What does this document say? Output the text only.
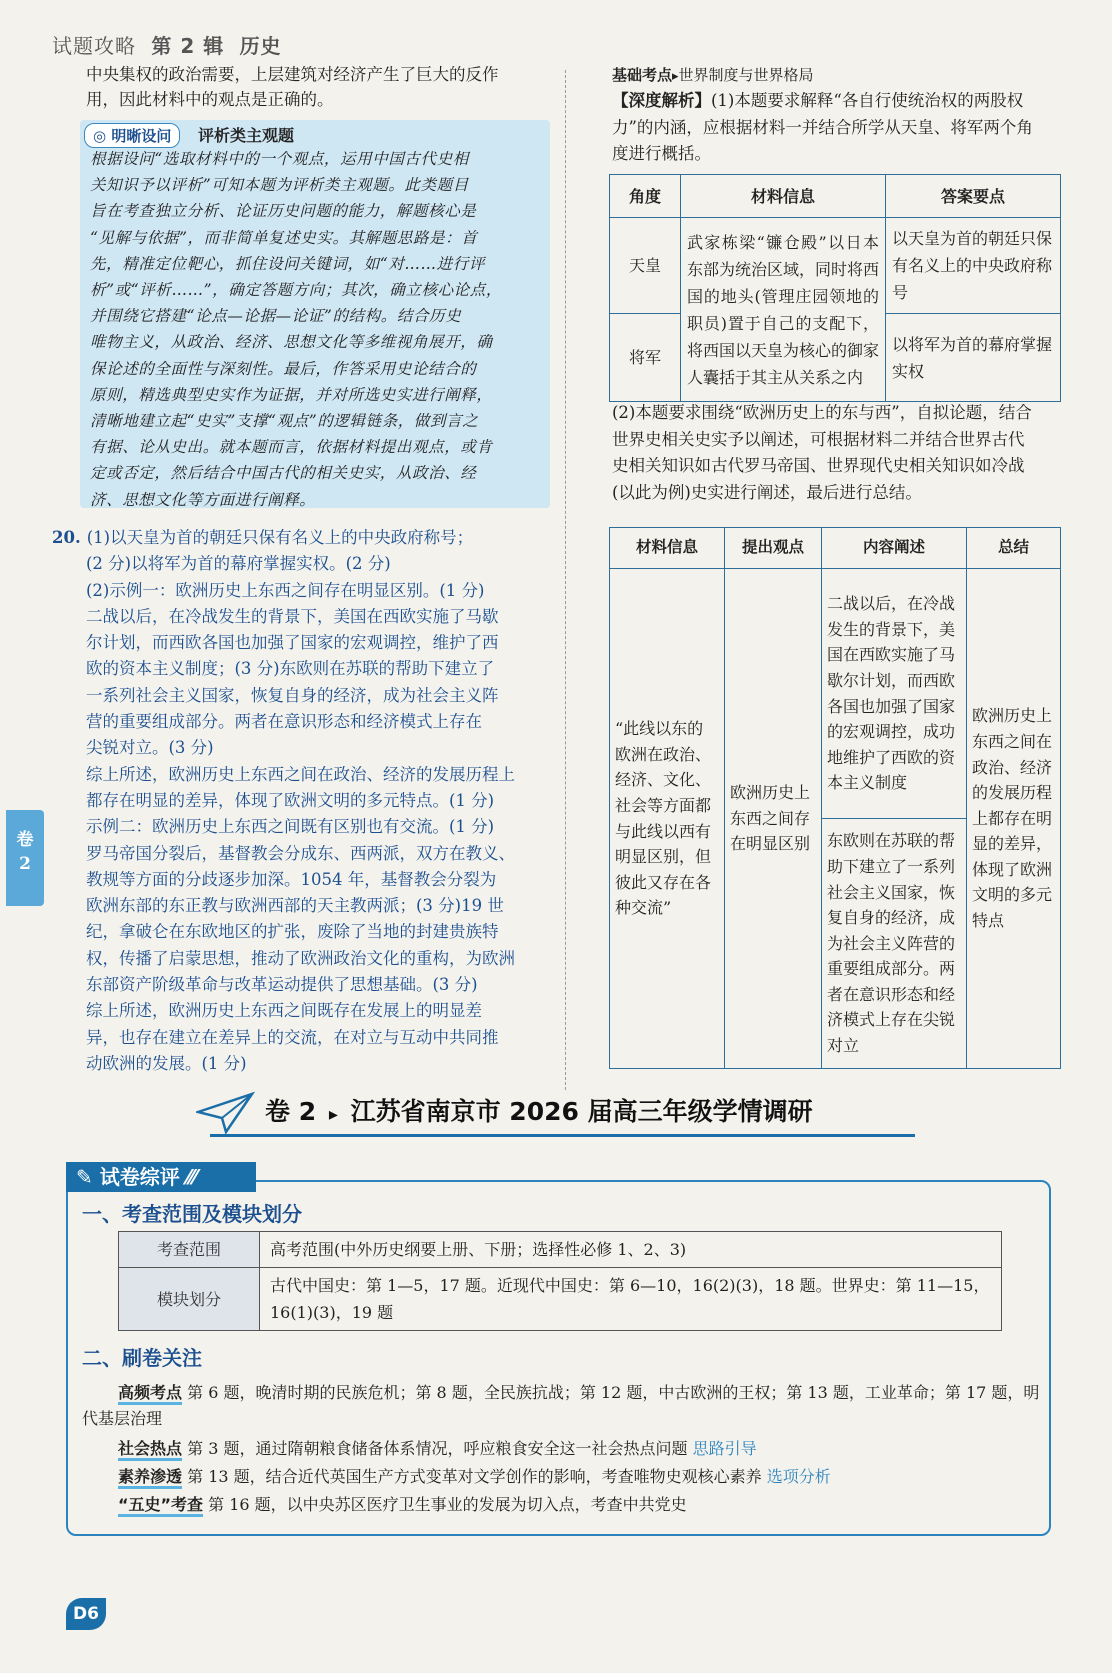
试题攻略 第 2 辑 历史

中央集权的政治需要，上层建筑对经济产生了巨大的反作

用，因此材料中的观点是正确的。

◎ 明晰设问	评析类主观题

根据设问“选取材料中的一个观点，运用中国古代史相

关知识予以评析”可知本题为评析类主观题。此类题目

旨在考查独立分析、论证历史问题的能力，解题核心是

“见解与依据”，而非简单复述史实。其解题思路是：首

先，精准定位靶心，抓住设问关键词，如“对……进行评

析”或“评析……”，确定答题方向；其次，确立核心论点，

并围绕它搭建“论点—论据—论证”的结构。结合历史

唯物主义，从政治、经济、思想文化等多维视角展开，确

保论述的全面性与深刻性。最后，作答采用史论结合的

原则，精选典型史实作为证据，并对所选史实进行阐释，

清晰地建立起“史实”支撑“观点”的逻辑链条，做到言之

有据、论从史出。就本题而言，依据材料提出观点，或肯

定或否定，然后结合中国古代的相关史实，从政治、经

济、思想文化等方面进行阐释。

20. (1)以天皇为首的朝廷只保有名义上的中央政府称号；

(2 分)以将军为首的幕府掌握实权。(2 分)

(2)示例一：欧洲历史上东西之间存在明显区别。(1 分)

二战以后，在冷战发生的背景下，美国在西欧实施了马歇

尔计划，而西欧各国也加强了国家的宏观调控，维护了西

欧的资本主义制度；(3 分)东欧则在苏联的帮助下建立了

一系列社会主义国家，恢复自身的经济，成为社会主义阵

营的重要组成部分。两者在意识形态和经济模式上存在

尖锐对立。(3 分)

综上所述，欧洲历史上东西之间在政治、经济的发展历程上

都存在明显的差异，体现了欧洲文明的多元特点。(1 分)

示例二：欧洲历史上东西之间既有区别也有交流。(1 分)

罗马帝国分裂后，基督教会分成东、西两派，双方在教义、

教规等方面的分歧逐步加深。1054 年，基督教会分裂为

欧洲东部的东正教与欧洲西部的天主教两派；(3 分)19 世

纪，拿破仑在东欧地区的扩张，废除了当地的封建贵族特

权，传播了启蒙思想，推动了欧洲政治文化的重构，为欧洲

东部资产阶级革命与改革运动提供了思想基础。(3 分)

综上所述，欧洲历史上东西之间既存在发展上的明显差

异，也存在建立在差异上的交流，在对立与互动中共同推

动欧洲的发展。(1 分)

卷
2
基础考点▸世界制度与世界格局

【深度解析】(1)本题要求解释“各自行使统治权的两股权

力”的内涵，应根据材料一并结合所学从天皇、将军两个角

度进行概括。

角度	材料信息	答案要点
天皇	武家栋梁“镰仓殿”以日本东部为统治区域，同时将西国的地头(管理庄园领地的职员)置于自己的支配下，将西国以天皇为核心的御家人囊括于其主从关系之内	以天皇为首的朝廷只保有名义上的中央政府称号
将军		以将军为首的幕府掌握实权

(2)本题要求围绕“欧洲历史上的东与西”，自拟论题，结合

世界史相关史实予以阐述，可根据材料二并结合世界古代

史相关知识如古代罗马帝国、世界现代史相关知识如冷战

(以此为例)史实进行阐述，最后进行总结。

材料信息	提出观点	内容阐述	总结
“此线以东的欧洲在政治、经济、文化、社会等方面都与此线以西有明显区别，但彼此又存在各种交流”	欧洲历史上东西之间存在明显区别	二战以后，在冷战发生的背景下，美国在西欧实施了马歇尔计划，而西欧各国也加强了国家的宏观调控，成功地维护了西欧的资本主义制度	欧洲历史上东西之间在政治、经济的发展历程上都存在明显的差异，体现了欧洲文明的多元特点
		东欧则在苏联的帮助下建立了一系列社会主义国家，恢复自身的经济，成为社会主义阵营的重要组成部分。两者在意识形态和经济模式上存在尖锐对立	
卷 2 ▸ 江苏省南京市 2026 届高三年级学情调研
✎ 试卷综评 ⁄⁄⁄
一、考查范围及模块划分
考查范围	高考范围(中外历史纲要上册、下册；选择性必修 1、2、3)
模块划分	古代中国史：第 1—5，17 题。近现代中国史：第 6—10，16(2)(3)，18 题。世界史：第 11—15，16(1)(3)，19 题
二、刷卷关注
高频考点 第 6 题，晚清时期的民族危机；第 8 题，全民族抗战；第 12 题，中古欧洲的王权；第 13 题，工业革命；第 17 题，明代基层治理
社会热点 第 3 题，通过隋朝粮食储备体系情况，呼应粮食安全这一社会热点问题 思路引导
素养渗透 第 13 题，结合近代英国生产方式变革对文学创作的影响，考查唯物史观核心素养 选项分析
“五史”考查 第 16 题，以中央苏区医疗卫生事业的发展为切入点，考查中共党史
D6
